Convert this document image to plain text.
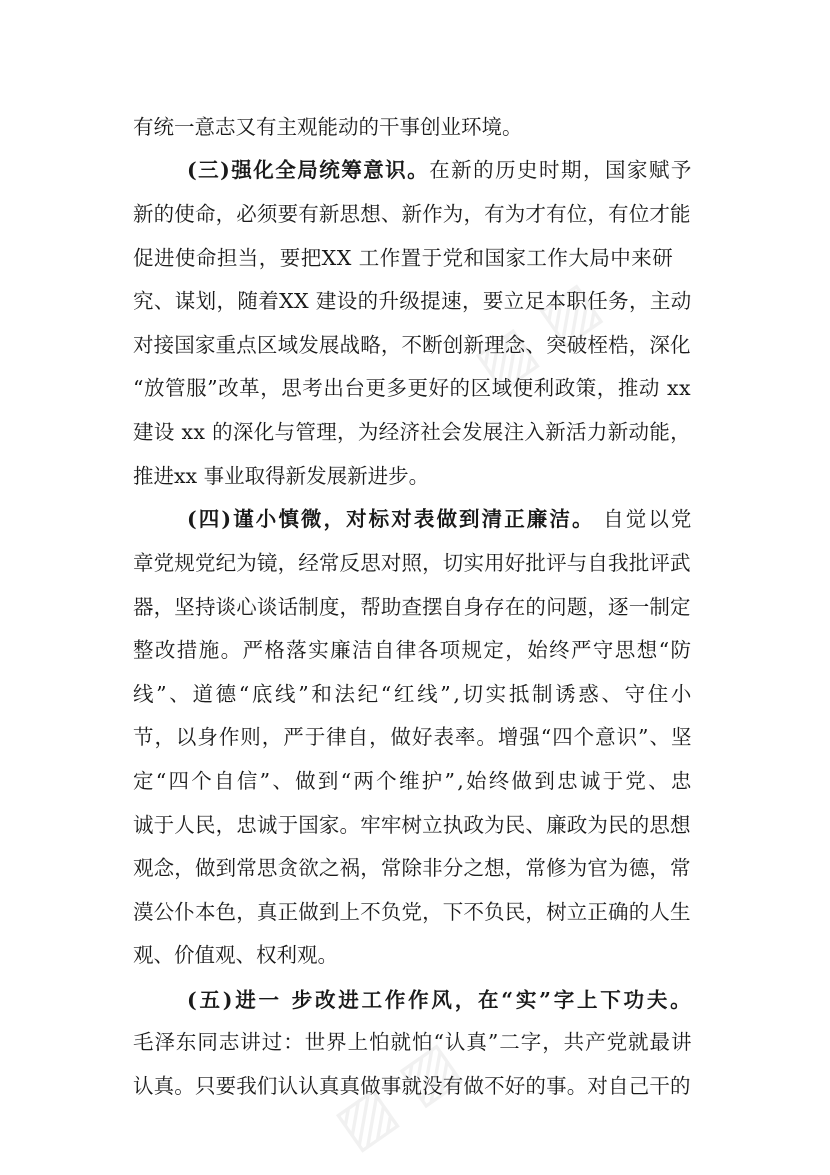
有统一意志又有主观能动的干事创业环境。
(三)强化全局统筹意识。在新的历史时期，国家赋予
新的使命，必须要有新思想、新作为，有为才有位，有位才能
促进使命担当，要把XX 工作置于党和国家工作大局中来研
究、谋划，随着XX 建设的升级提速，要立足本职任务，主动
对接国家重点区域发展战略，不断创新理念、突破桎梏，深化
“放管服”改革，思考出台更多更好的区域便利政策，推动 xx
建设 xx 的深化与管理，为经济社会发展注入新活力新动能，
推进xx 事业取得新发展新进步。
(四)谨小慎微，对标对表做到清正廉洁。 自觉以党
章党规党纪为镜，经常反思对照，切实用好批评与自我批评武
器，坚持谈心谈话制度，帮助查摆自身存在的问题，逐一制定
整改措施。严格落实廉洁自律各项规定，始终严守思想“防
线”、道德“底线”和法纪“红线”,切实抵制诱惑、守住小
节，以身作则，严于律自，做好表率。增强“四个意识”、坚
定“四个自信”、做到“两个维护”,始终做到忠诚于党、忠
诚于人民，忠诚于国家。牢牢树立执政为民、廉政为民的思想
观念，做到常思贪欲之祸，常除非分之想，常修为官为德，常
漠公仆本色，真正做到上不负党，下不负民，树立正确的人生
观、价值观、权利观。
(五)进一 步改进工作作风，在“实”字上下功夫。
毛泽东同志讲过：世界上怕就怕“认真”二字，共产党就最讲
认真。只要我们认认真真做事就没有做不好的事。对自己干的
▨ ▨
▨ ▨
